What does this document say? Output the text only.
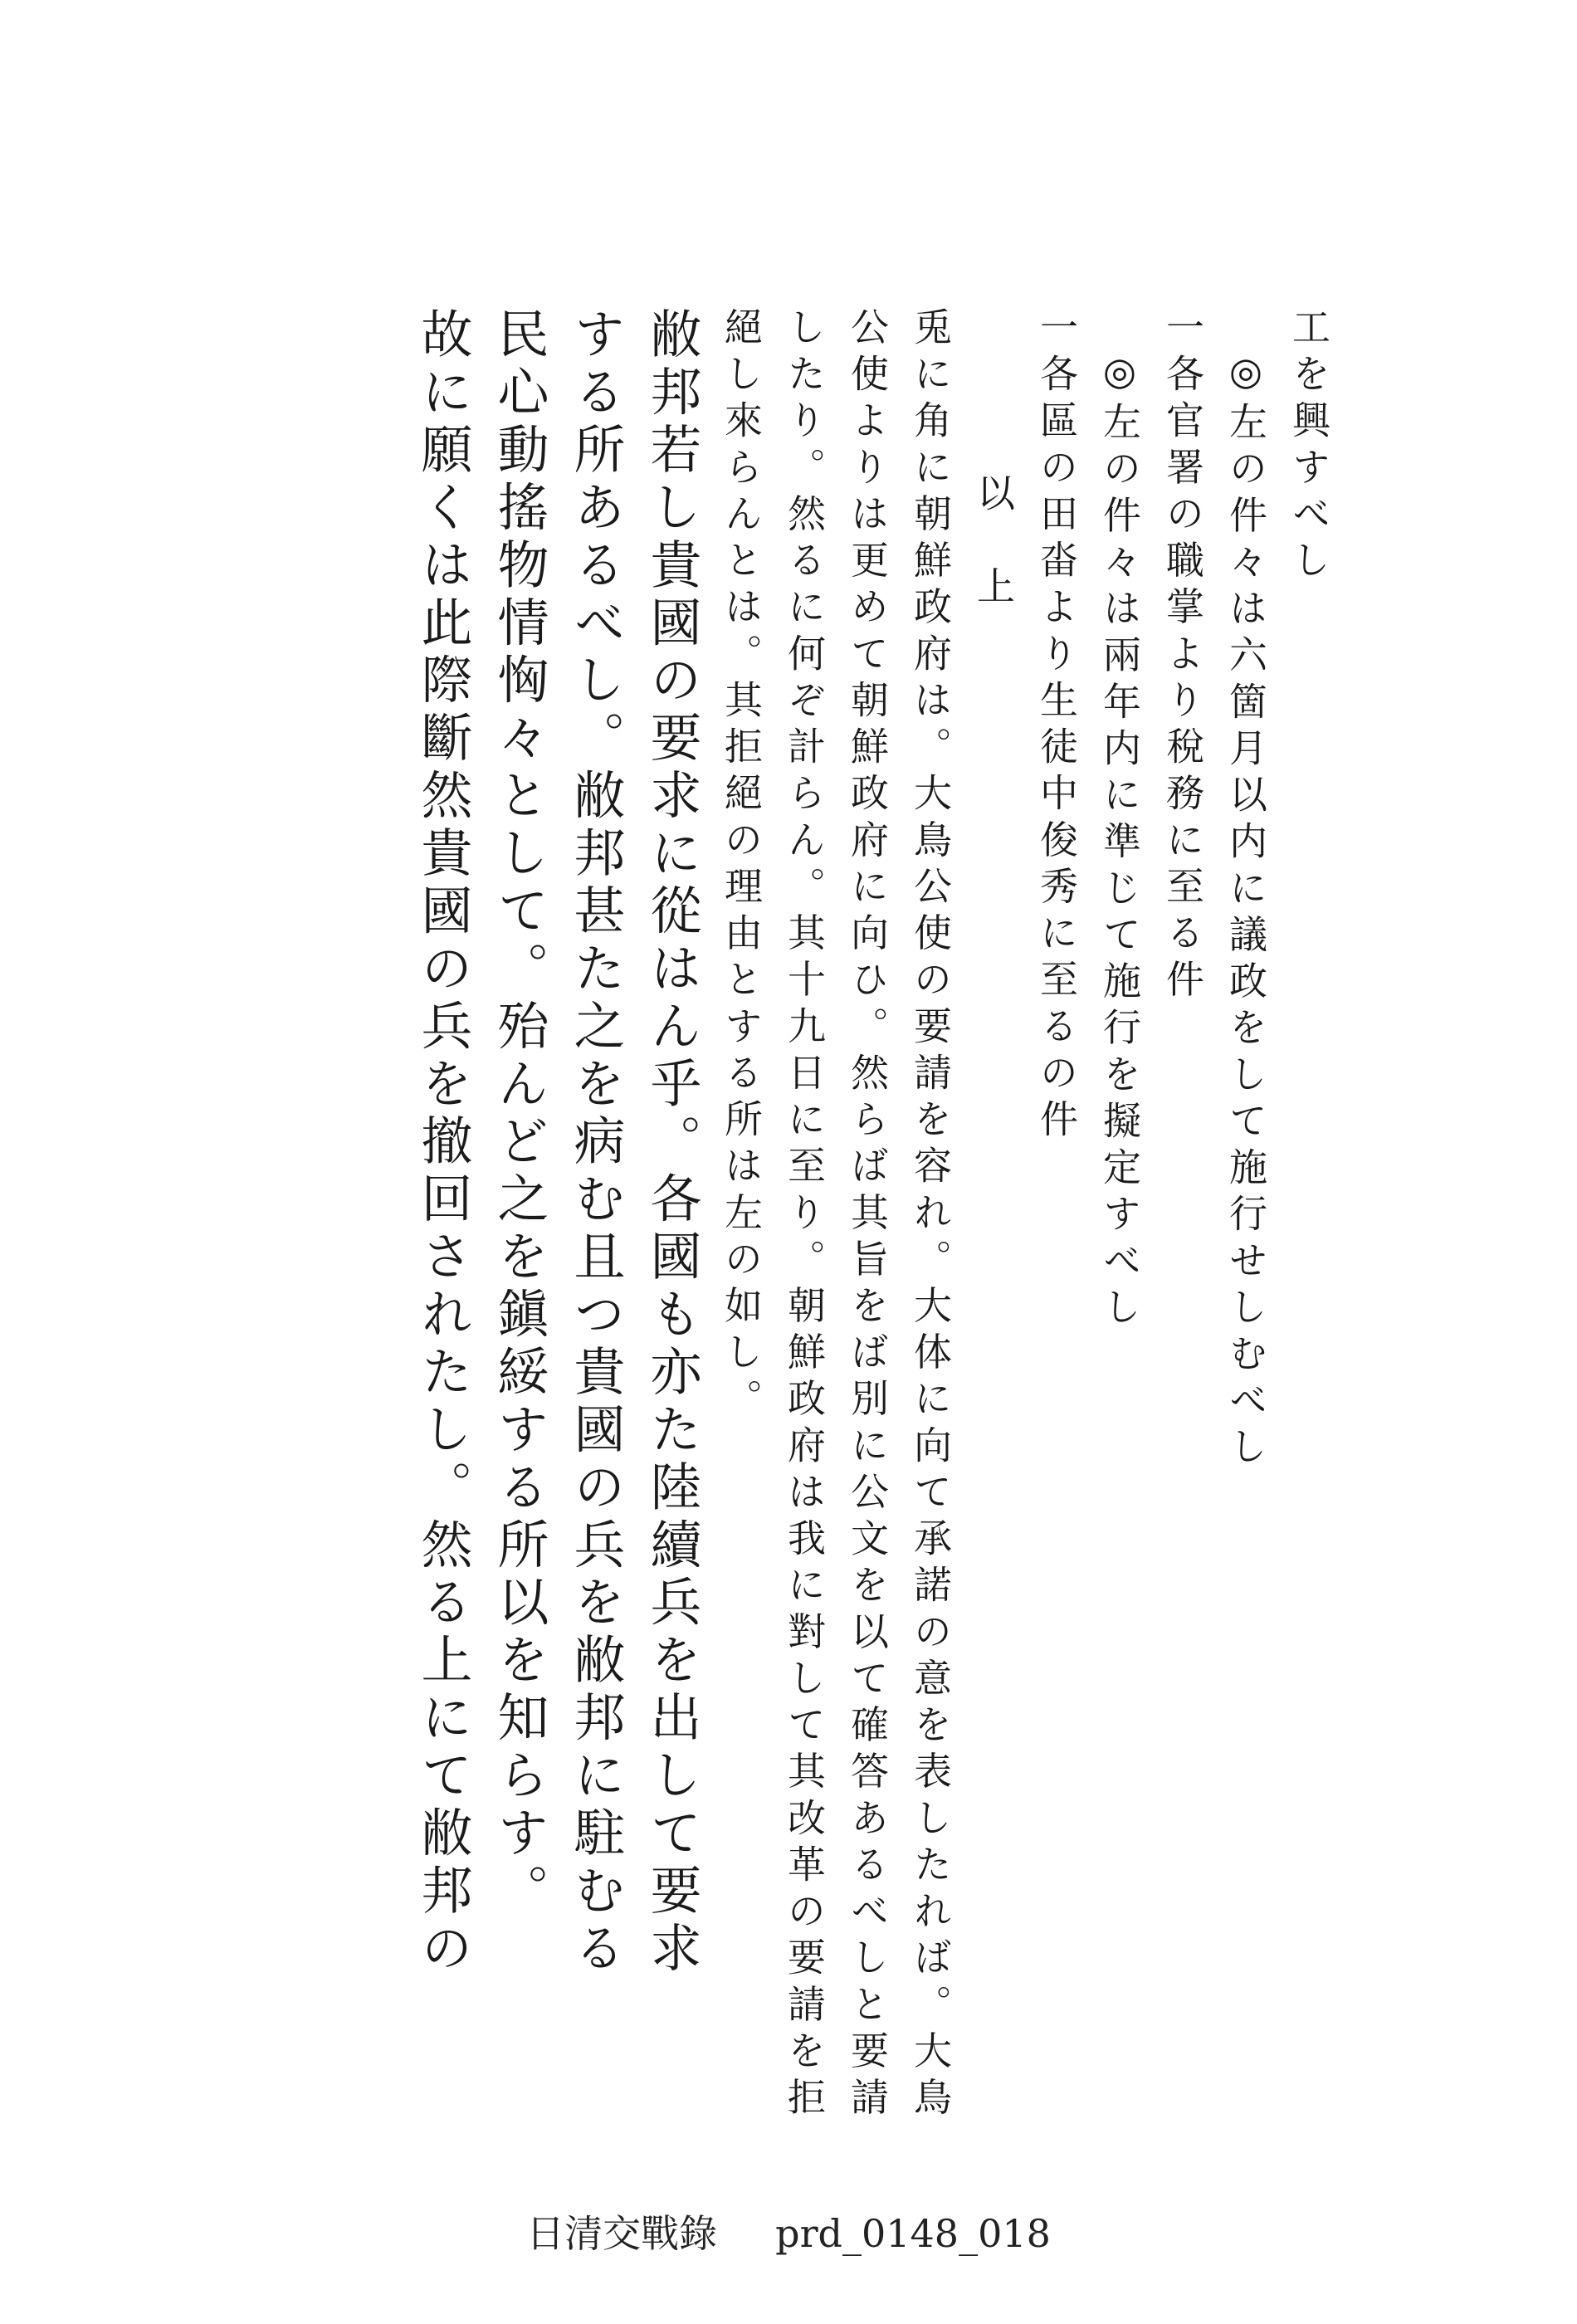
工を興すべし
◎左の件々は六箇月以内に議政をして施行せしむべし
一各官署の職掌より稅務に至る件
◎左の件々は兩年内に準じて施行を擬定すべし
一各區の田畓より生徒中俊秀に至るの件
以　上
兎に角に朝鮮政府は。大鳥公使の要請を容れ。大体に向て承諾の意を表したれば。大鳥
公使よりは更めて朝鮮政府に向ひ。然らば其旨をば別に公文を以て確答あるべしと要請
したり。然るに何ぞ計らん。其十九日に至り。朝鮮政府は我に對して其改革の要請を拒
絕し來らんとは。其拒絕の理由とする所は左の如し。
敝邦若し貴國の要求に從はん乎。各國も亦た陸續兵を出して要求
する所あるべし。敝邦甚た之を病む且つ貴國の兵を敝邦に駐むる
民心動搖物情恟々として。殆んど之を鎭綏する所以を知らす。
故に願くは此際斷然貴國の兵を撤回されたし。然る上にて敝邦の
日清交戰錄 prd_0148_018
